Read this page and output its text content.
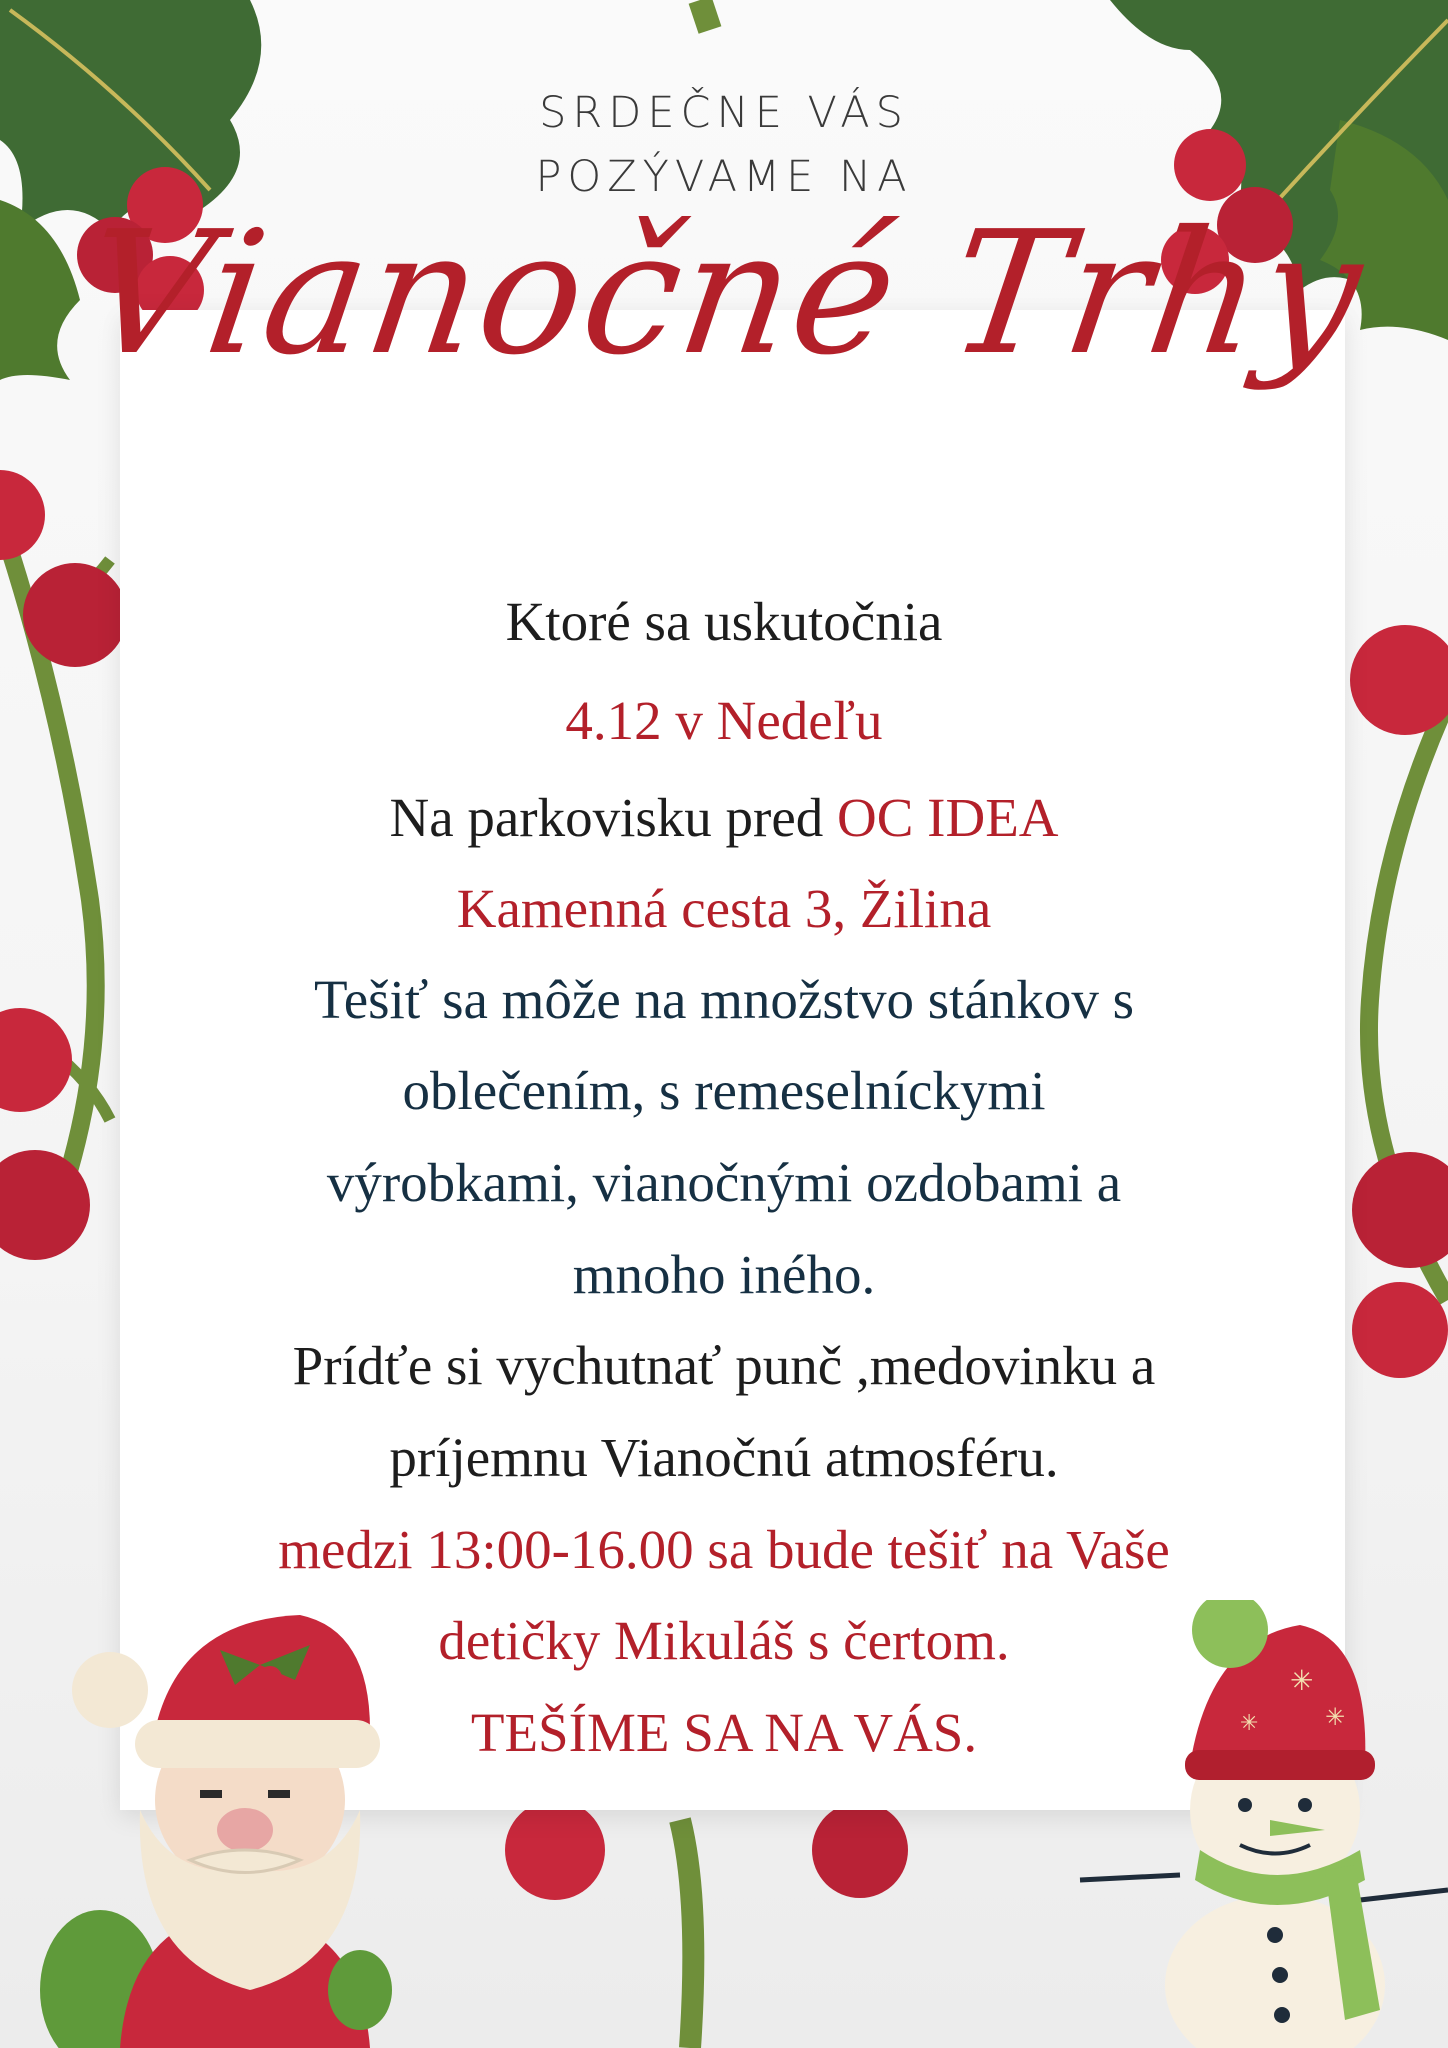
SRDEČNE VÁS
POZÝVAME NA
Vianočné Trhy
Ktoré sa uskutočnia
4.12 v Nedeľu
Na parkovisku pred OC IDEA
Kamenná cesta 3, Žilina
Tešiť sa môže na množstvo stánkov s
oblečením, s remeselníckymi
výrobkami, vianočnými ozdobami a
mnoho iného.
Prídťe si vychutnať punč ,medovinku a
príjemnu Vianočnú atmosféru.
medzi 13:00-16.00 sa bude tešiť na Vaše
detičky Mikuláš s čertom.
TEŠÍME SA NA VÁS.
✳
✳
✳
